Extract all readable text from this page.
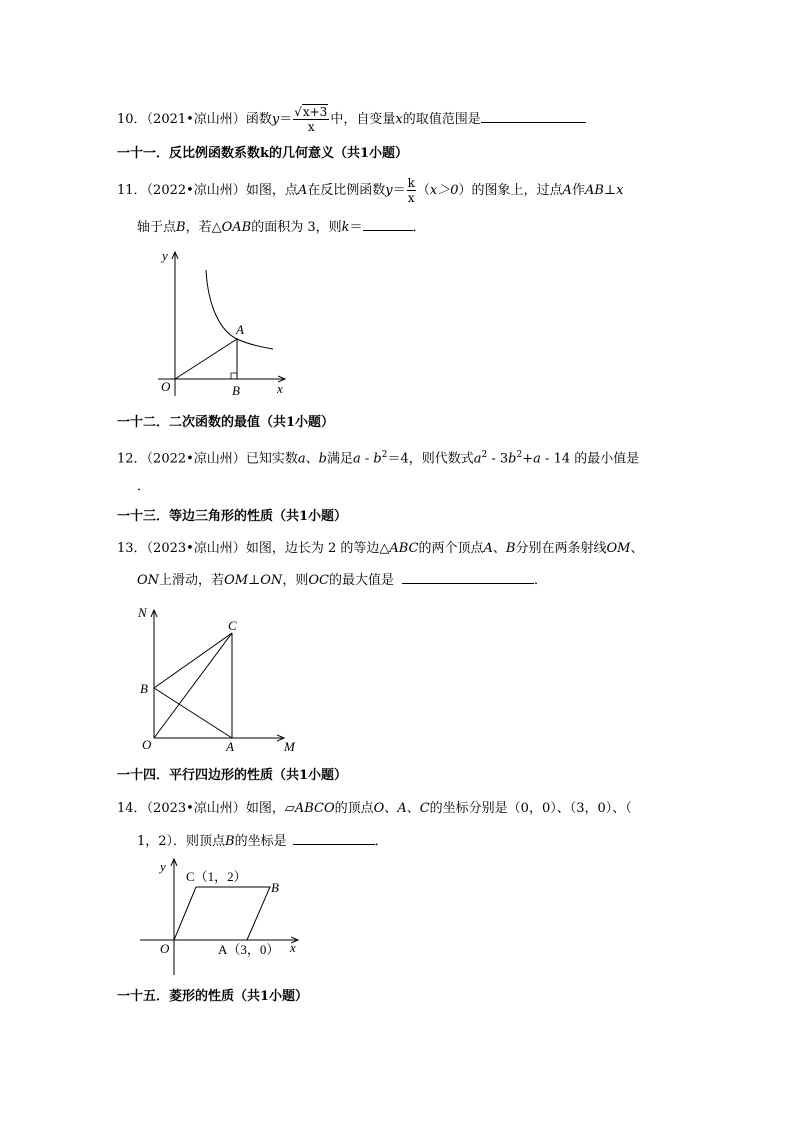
10．（2021•凉山州）函数$y= \frac{√x+3}{x}$ 中，自变量x的取值范围是
一十一．反比例函数系数k的几何意义（共1小题）
11．（2022•凉山州）如图，点A在反比例函数$y= \frac{k}{x} (x>0)$的图象上，过点A作AB⊥x
轴于点B，若△OAB的面积为 3，则k＝	．
y
x
O
A
B
一十二．二次函数的最值（共1小题）
12．（2022•凉山州）已知实数a、b满足$a - b^2=4$，则代数式$a^2 - 3b^2+a - 14$ 的最小值是
．
一十三．等边三角形的性质（共1小题）
13．（2023•凉山州）如图，边长为 2 的等边△ABC的两个顶点A、B分别在两条射线OM、
ON上滑动，若OM⊥ON，则OC的最大值是	．
N
C
B
O	A	M
一十四．平行四边形的性质（共1小题）
14．（2023•凉山州）如图，▱ABCO的顶点O、A、C的坐标分别是（0，0）、（3，0）、（
1，2）．则顶点B的坐标是	．
y
x
O
C（1，2）
B
A（3，0）
一十五．菱形的性质（共1小题）
